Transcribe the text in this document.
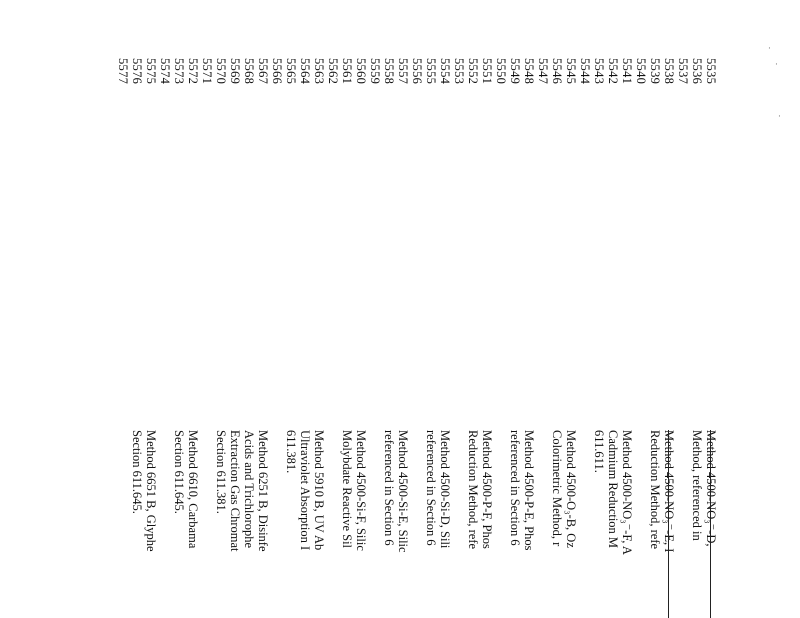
5535
5536
5537
5538
5539
5540
5541
5542
5543
5544
5545
5546
5547
5548
5549
5550
5551
5552
5553
5554
5555
5556
5557
5558
5559
5560
5561
5562
5563
5564
5565
5566
5567
5568
5569
5570
5571
5572
5573
5574
5575
5576
5577
Method 4500-NO₃⁻-D,
Method, referenced in
Method 4500-NO₃⁻-E, I
Reduction Method, refe
Method 4500-NO₃⁻-F, A
Cadmium Reduction M
611.611.
Method 4500-O₃-B, Oz
Colorimetric Method, r
Method 4500-P-E, Phos
referenced in Section 6
Method 4500-P-F, Phos
Reduction Method, refe
Method 4500-Si-D, Sili
referenced in Section 6
Method 4500-Si-E, Silic
referenced in Section 6
Method 4500-Si-F, Silic
Molybdate Reactive Sil
Method 5910 B, UV Ab
Ultraviolet Absorption I
611.381.
Method 6251 B, Disinfe
Acids and Trichlorophe
Extraction Gas Chromat
Section 611.381.
Method 6610, Carbama
Section 611.645.
Method 6651 B, Glyphe
Section 611.645.
·
·
·
